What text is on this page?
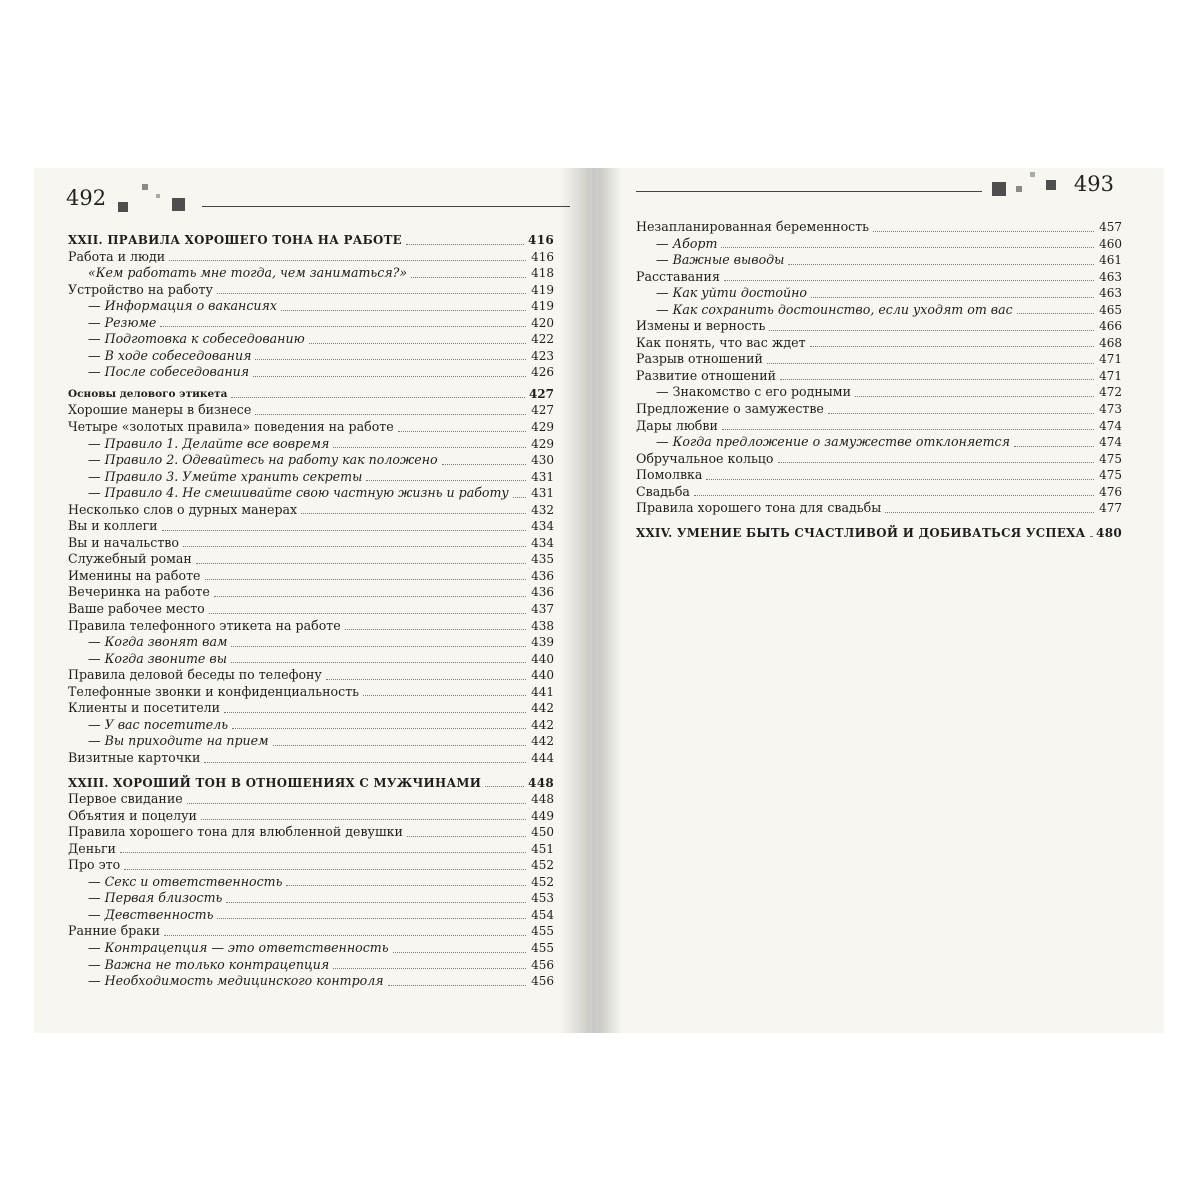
492
XXII. ПРАВИЛА ХОРОШЕГО ТОНА НА РАБОТЕ	416
Работа и люди	416
«Кем работать мне тогда, чем заниматься?»	418
Устройство на работу	419
— Информация о вакансиях	419
— Резюме	420
— Подготовка к собеседованию	422
— В ходе собеседования	423
— После собеседования	426
Основы делового этикета	427
Хорошие манеры в бизнесе	427
Четыре «золотых правила» поведения на работе	429
— Правило 1. Делайте все вовремя	429
— Правило 2. Одевайтесь на работу как положено	430
— Правило 3. Умейте хранить секреты	431
— Правило 4. Не смешивайте свою частную жизнь и работу 431
Несколько слов о дурных манерах	432
Вы и коллеги	434
Вы и начальство	434
Служебный роман	435
Именины на работе	436
Вечеринка на работе	436
Ваше рабочее место	437
Правила телефонного этикета на работе	438
— Когда звонят вам	439
— Когда звоните вы	440
Правила деловой беседы по телефону	440
Телефонные звонки и конфиденциальность	441
Клиенты и посетители	442
— У вас посетитель	442
— Вы приходите на прием	442
Визитные карточки	444
XXIII. ХОРОШИЙ ТОН В ОТНОШЕНИЯХ С МУЖЧИНАМИ	448
Первое свидание	448
Объятия и поцелуи	449
Правила хорошего тона для влюбленной девушки	450
Деньги	451
Про это	452
— Секс и ответственность	452
— Первая близость	453
— Девственность	454
Ранние браки	455
— Контрацепция — это ответственность	455
— Важна не только контрацепция	456
— Необходимость медицинского контроля	456
493
Незапланированная беременность	457
— Аборт	460
— Важные выводы	461
Расставания	463
— Как уйти достойно	463
— Как сохранить достоинство, если уходят от вас	465
Измены и верность	466
Как понять, что вас ждет	468
Разрыв отношений	471
Развитие отношений	471
— Знакомство с его родными	472
Предложение о замужестве	473
Дары любви	474
— Когда предложение о замужестве отклоняется	474
Обручальное кольцо	475
Помолвка	475
Свадьба	476
Правила хорошего тона для свадьбы	477
XXIV. УМЕНИЕ БЫТЬ СЧАСТЛИВОЙ И ДОБИВАТЬСЯ УСПЕХА 480
